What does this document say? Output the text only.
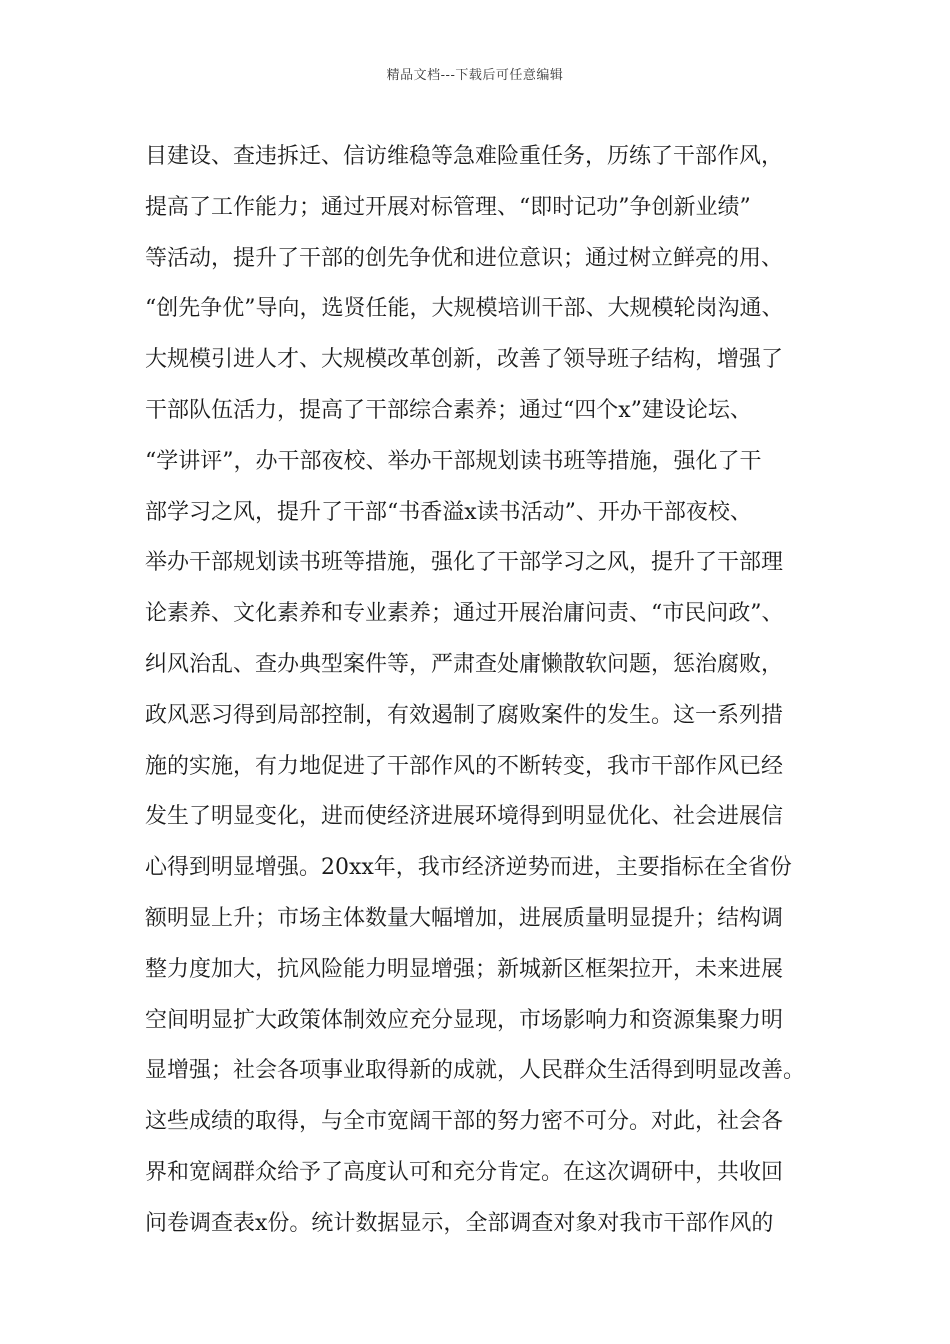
精品文档---下载后可任意编辑
目建设、查违拆迁、信访维稳等急难险重任务，历练了干部作风，
提高了工作能力；通过开展对标管理、“即时记功”争创新业绩”
等活动，提升了干部的创先争优和进位意识；通过树立鲜亮的用、
“创先争优”导向，选贤任能，大规模培训干部、大规模轮岗沟通、
大规模引进人才、大规模改革创新，改善了领导班子结构，增强了
干部队伍活力，提高了干部综合素养；通过“四个x”建设论坛、
“学讲评”，办干部夜校、举办干部规划读书班等措施，强化了干
部学习之风，提升了干部“书香溢x读书活动”、开办干部夜校、
举办干部规划读书班等措施，强化了干部学习之风，提升了干部理
论素养、文化素养和专业素养；通过开展治庸问责、“市民问政”、
纠风治乱、查办典型案件等，严肃查处庸懒散软问题，惩治腐败，
政风恶习得到局部控制，有效遏制了腐败案件的发生。这一系列措
施的实施，有力地促进了干部作风的不断转变，我市干部作风已经
发生了明显变化，进而使经济进展环境得到明显优化、社会进展信
心得到明显增强。20xx年，我市经济逆势而进，主要指标在全省份
额明显上升；市场主体数量大幅增加，进展质量明显提升；结构调
整力度加大，抗风险能力明显增强；新城新区框架拉开，未来进展
空间明显扩大政策体制效应充分显现，市场影响力和资源集聚力明
显增强；社会各项事业取得新的成就，人民群众生活得到明显改善。
这些成绩的取得，与全市宽阔干部的努力密不可分。对此，社会各
界和宽阔群众给予了高度认可和充分肯定。在这次调研中，共收回
问卷调查表x份。统计数据显示，全部调查对象对我市干部作风的
